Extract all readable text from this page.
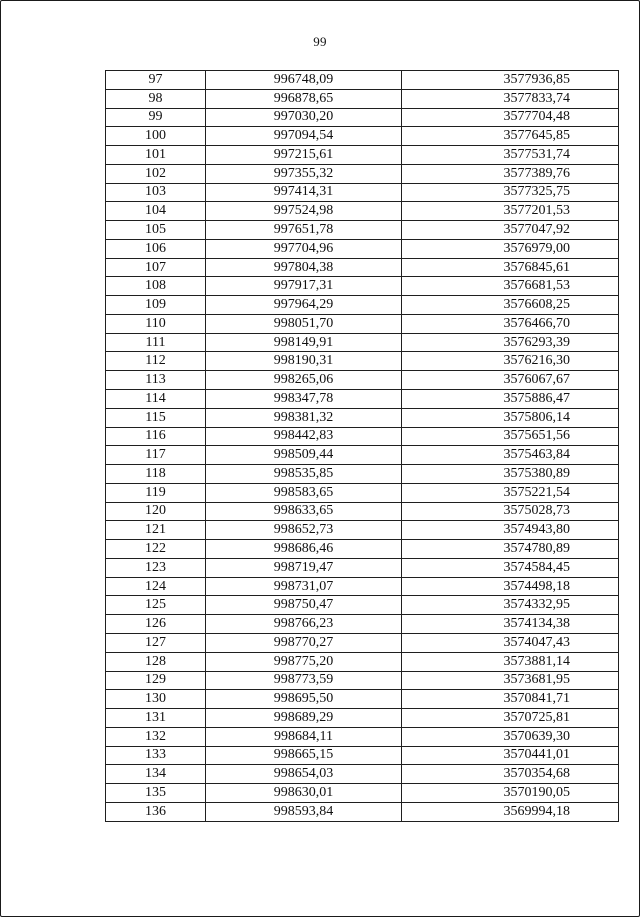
99
97	996748,09	3577936,85
98	996878,65	3577833,74
99	997030,20	3577704,48
100	997094,54	3577645,85
101	997215,61	3577531,74
102	997355,32	3577389,76
103	997414,31	3577325,75
104	997524,98	3577201,53
105	997651,78	3577047,92
106	997704,96	3576979,00
107	997804,38	3576845,61
108	997917,31	3576681,53
109	997964,29	3576608,25
110	998051,70	3576466,70
111	998149,91	3576293,39
112	998190,31	3576216,30
113	998265,06	3576067,67
114	998347,78	3575886,47
115	998381,32	3575806,14
116	998442,83	3575651,56
117	998509,44	3575463,84
118	998535,85	3575380,89
119	998583,65	3575221,54
120	998633,65	3575028,73
121	998652,73	3574943,80
122	998686,46	3574780,89
123	998719,47	3574584,45
124	998731,07	3574498,18
125	998750,47	3574332,95
126	998766,23	3574134,38
127	998770,27	3574047,43
128	998775,20	3573881,14
129	998773,59	3573681,95
130	998695,50	3570841,71
131	998689,29	3570725,81
132	998684,11	3570639,30
133	998665,15	3570441,01
134	998654,03	3570354,68
135	998630,01	3570190,05
136	998593,84	3569994,18
